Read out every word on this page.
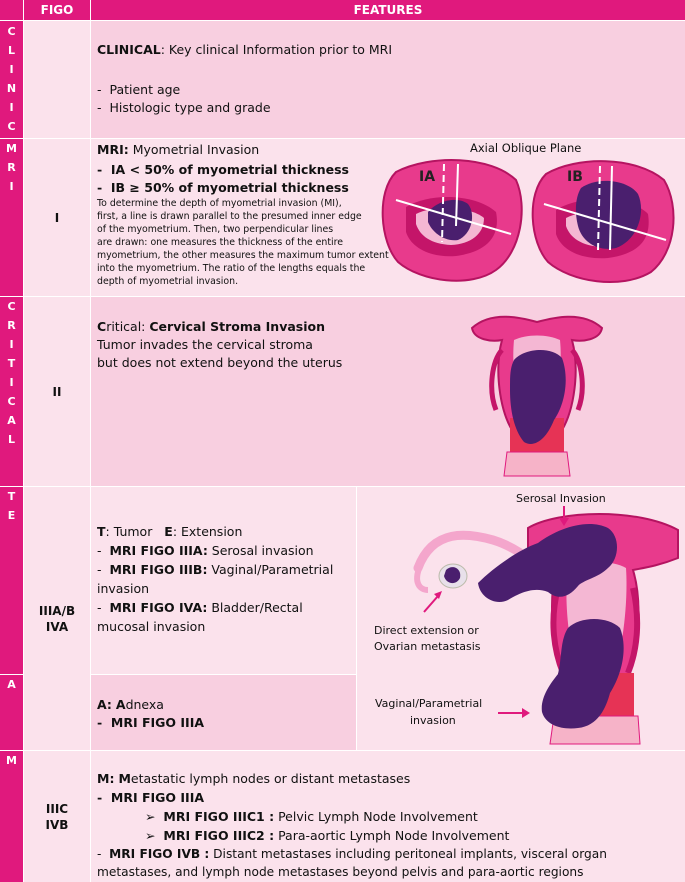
FIGO	FEATURES
C
L
I
N
I
C
M
R
I
C
R
I
T
I
C
A
L
T
E
A
M
CLINICAL: Key clinical Information prior to MRI
-  Patient age
-  Histologic type and grade
I
MRI: Myometrial Invasion
-  IA < 50% of myometrial thickness
-  IB ≥ 50% of myometrial thickness
To determine the depth of myometrial invasion (MI),
first, a line is drawn parallel to the presumed inner edge
of the myometrium. Then, two perpendicular lines
are drawn: one measures the thickness of the entire
myometrium, the other measures the maximum tumor extent
into the myometrium. The ratio of the lengths equals the
depth of myometrial invasion.
Axial Oblique Plane
IA	IB
II
Critical: Cervical Stroma Invasion
Tumor invades the cervical stroma
but does not extend beyond the uterus
IIIA/B
IVA
T: Tumor E: Extension
-  MRI FIGO IIIA: Serosal invasion
-  MRI FIGO IIIB: Vaginal/Parametrial
invasion
-  MRI FIGO IVA: Bladder/Rectal
mucosal invasion
A: Adnexa
-  MRI FIGO IIIA
Serosal Invasion
Direct extension or
Ovarian metastasis
Vaginal/Parametrial
invasion
IIIC
IVB
M: Metastatic lymph nodes or distant metastases
-  MRI FIGO IIIA
➢  MRI FIGO IIIC1 : Pelvic Lymph Node Involvement
➢  MRI FIGO IIIC2 : Para-aortic Lymph Node Involvement
-  MRI FIGO IVB : Distant metastases including peritoneal implants, visceral organ
metastases, and lymph node metastases beyond pelvis and para-aortic regions
